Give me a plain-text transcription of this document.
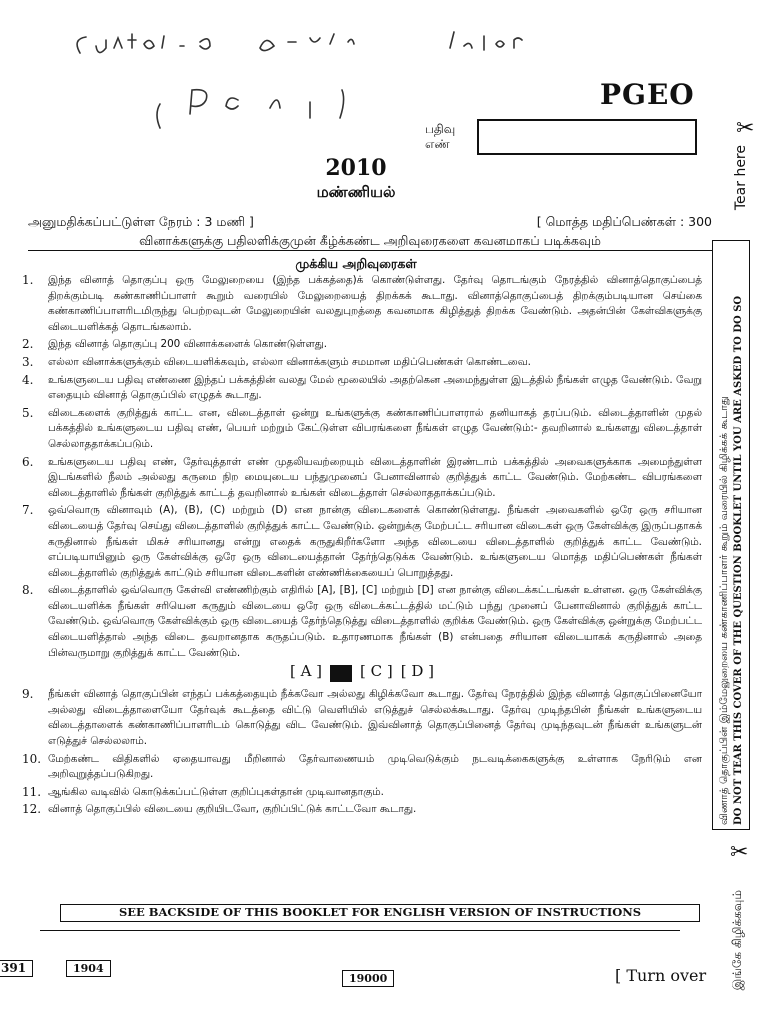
PGEO
பதிவு
எண்
✂
Tear here
விணாத் தொகுப்பின் இம்மேலுறையை கண்காணிப்பாளர் கூறும் வரையில் கிழிக்கக் கூடாது DO NOT TEAR THIS COVER OF THE QUESTION BOOKLET UNTIL YOU ARE ASKED TO DO SO
✂
இங்கே கிழிக்கவும்
2010
மண்ணியல்
அனுமதிக்கப்பட்டுள்ள நேரம் : 3 மணி ]	[ மொத்த மதிப்பெண்கள் : 300
வினாக்களுக்கு பதிலளிக்குமுன் கீழ்க்கண்ட அறிவுரைகளை கவனமாகப் படிக்கவும்
முக்கிய அறிவுரைகள்
1.	இந்த வினாத் தொகுப்பு ஒரு மேலுறையை (இந்த பக்கத்தை)க் கொண்டுள்ளது. தேர்வு தொடங்கும் நேரத்தில் வினாத்தொகுப்பைத் திறக்கும்படி கண்காணிப்பாளர் கூறும் வரையில் மேலுறையைத் திறக்கக் கூடாது. வினாத்தொகுப்பைத் திறக்கும்படியான செய்கை கண்காணிப்பாளரிடமிருந்து பெற்றவுடன் மேலுறையின் வலதுபுறத்தை கவனமாக கிழித்துத் திறக்க வேண்டும். அதன்பின் கேள்விகளுக்கு விடையளிக்கத் தொடங்கலாம்.
2.	இந்த வினாத் தொகுப்பு 200 வினாக்களைக் கொண்டுள்ளது.
3.	எல்லா வினாக்களுக்கும் விடையளிக்கவும், எல்லா வினாக்களும் சமமான மதிப்பெண்கள் கொண்டவை.
4.	உங்களுடைய பதிவு எண்ணை இந்தப் பக்கத்தின் வலது மேல் மூலையில் அதற்கென அமைந்துள்ள இடத்தில் நீங்கள் எழுத வேண்டும். வேறு எதையும் வினாத் தொகுப்பில் எழுதக் கூடாது.
5.	விடைகளைக் குறித்துக் காட்ட என, விடைத்தாள் ஒன்று உங்களுக்கு கண்காணிப்பாளரால் தனியாகத் தரப்படும். விடைத்தாளின் முதல் பக்கத்தில் உங்களுடைய பதிவு எண், பெயர் மற்றும் கேட்டுள்ள விபரங்களை நீங்கள் எழுத வேண்டும்:- தவறினால் உங்களது விடைத்தாள் செல்லாததாக்கப்படும்.
6.	உங்களுடைய பதிவு எண், தேர்வுத்தாள் எண் முதலியவற்றையும் விடைத்தாளின் இரண்டாம் பக்கத்தில் அவைகளுக்காக அமைந்துள்ள இடங்களில் நீலம் அல்லது கருமை நிற மையுடைய பந்துமுனைப் பேனாவினால் குறித்துக் காட்ட வேண்டும். மேற்கண்ட விபரங்களை விடைத்தாளில் நீங்கள் குறித்துக் காட்டத் தவறினால் உங்கள் விடைத்தாள் செல்லாததாக்கப்படும்.
7.	ஒவ்வொரு வினாவும் (A), (B), (C) மற்றும் (D) என நான்கு விடைகளைக் கொண்டுள்ளது. நீங்கள் அவைகளில் ஒரே ஒரு சரியான விடையைத் தேர்வு செய்து விடைத்தாளில் குறித்துக் காட்ட வேண்டும். ஒன்றுக்கு மேற்பட்ட சரியான விடைகள் ஒரு கேள்விக்கு இருப்பதாகக் கருதினால் நீங்கள் மிகச் சரியானது என்று எதைக் கருதுகிறீர்களோ அந்த விடையை விடைத்தாளில் குறித்துக் காட்ட வேண்டும். எப்படியாயினும் ஒரு கேள்விக்கு ஒரே ஒரு விடையைத்தான் தேர்ந்தெடுக்க வேண்டும். உங்களுடைய மொத்த மதிப்பெண்கள் நீங்கள் விடைத்தாளில் குறித்துக் காட்டும் சரியான விடைகளின் எண்ணிக்கையைப் பொறுத்தது.
8.	விடைத்தாளில் ஒவ்வொரு கேள்வி எண்ணிற்கும் எதிரில் [A], [B], [C] மற்றும் [D] என நான்கு விடைக்கட்டங்கள் உள்ளன. ஒரு கேள்விக்கு விடையளிக்க நீங்கள் சரியென கருதும் விடையை ஒரே ஒரு விடைக்கட்டத்தில் மட்டும் பந்து முனைப் பேனாவினால் குறித்துக் காட்ட வேண்டும். ஒவ்வொரு கேள்விக்கும் ஒரு விடையைத் தேர்ந்தெடுத்து விடைத்தாளில் குறிக்க வேண்டும். ஒரு கேள்விக்கு ஒன்றுக்கு மேற்பட்ட விடையளித்தால் அந்த விடை தவறானதாக கருதப்படும். உதாரணமாக நீங்கள் (B) என்பதை சரியான விடையாகக் கருதினால் அதை பின்வருமாறு குறித்துக் காட்ட வேண்டும்.
[ A ]	[ C ] [ D ]
9.	நீங்கள் வினாத் தொகுப்பின் எந்தப் பக்கத்தையும் நீக்கவோ அல்லது கிழிக்கவோ கூடாது. தேர்வு நேரத்தில் இந்த வினாத் தொகுப்பினையோ அல்லது விடைத்தாளையோ தேர்வுக் கூடத்தை விட்டு வெளியில் எடுத்துச் செல்லக்கூடாது. தேர்வு முடிந்தபின் நீங்கள் உங்களுடைய விடைத்தாளைக் கண்காணிப்பாளரிடம் கொடுத்து விட வேண்டும். இவ்வினாத் தொகுப்பினைத் தேர்வு முடிந்தவுடன் நீங்கள் உங்களுடன் எடுத்துச் செல்லலாம்.
10. மேற்கண்ட விதிகளில் ஏதையாவது மீறினால் தேர்வாணையம் முடிவெடுக்கும் நடவடிக்கைகளுக்கு உள்ளாக நேரிடும் என அறிவுறுத்தப்படுகிறது.
11. ஆங்கில வடிவில் கொடுக்கப்பட்டுள்ள குறிப்புகள்தான் முடிவானதாகும்.
12. வினாத் தொகுப்பில் விடையை குறியிடவோ, குறிப்பிட்டுக் காட்டவோ கூடாது.
SEE BACKSIDE OF THIS BOOKLET FOR ENGLISH VERSION OF INSTRUCTIONS
391	1904
19000	[ Turn over
